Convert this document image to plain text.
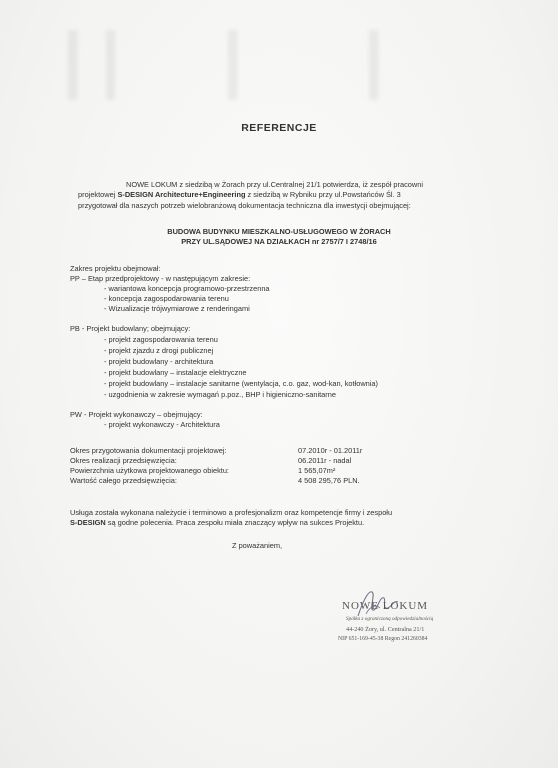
REFERENCJE
NOWE LOKUM z siedzibą w Żorach przy ul.Centralnej 21/1 potwierdza, iż zespół pracowni
projektowej S-DESIGN Architecture+Engineering z siedzibą w Rybniku przy ul.Powstańców Śl. 3
przygotował dla naszych potrzeb wielobranżową dokumentacja techniczna dla inwestycji obejmującej:
BUDOWA BUDYNKU MIESZKALNO-USŁUGOWEGO W ŻORACH
PRZY UL.SĄDOWEJ NA DZIAŁKACH nr 2757/7 I 2748/16
Zakres projektu obejmował:
PP – Etap przedprojektowy - w następującym zakresie:
- wariantowa koncepcja programowo-przestrzenna
- koncepcja zagospodarowania terenu
- Wizualizacje trójwymiarowe z renderingami
PB - Projekt budowlany; obejmujący:
- projekt zagospodarowania terenu
- projekt zjazdu z drogi publicznej
- projekt budowlany - architektura
- projekt budowlany – instalacje elektryczne
- projekt budowlany – instalacje sanitarne (wentylacja, c.o. gaz, wod-kan, kotłownia)
- uzgodnienia w zakresie wymagań p.poz., BHP i higieniczno-sanitarne
PW - Projekt wykonawczy – obejmujący:
- projekt wykonawczy - Architektura
Okres przygotowania dokumentacji projektowej:	07.2010r - 01.2011r
Okres realizacji przedsięwzięcia:	06.2011r - nadal
Powierzchnia użytkowa projektowanego obiektu:	1 565,07m²
Wartość całego przedsięwzięcia:	4 508 295,76 PLN.
Usługa została wykonana należycie i terminowo a profesjonalizm oraz kompetencje firmy i zespołu
S-DESIGN są godne polecenia. Praca zespołu miała znaczący wpływ na sukces Projektu.
Z poważaniem,
NOWE LOKUM
Spółka z ograniczoną odpowiedzialnością
44-240 Żory, ul. Centralna 21/1
NIP 651-169-45-38 Regon 241260384
